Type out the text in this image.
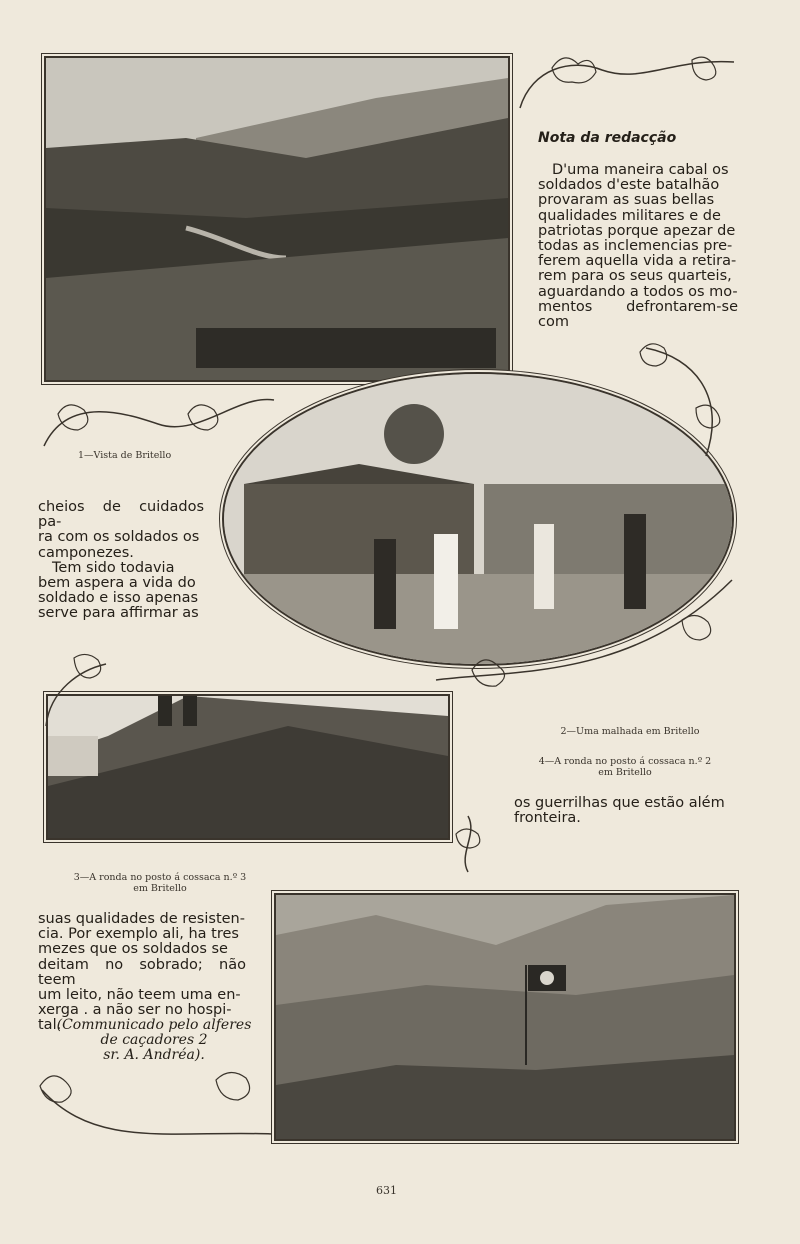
1—Vista de Britello
2—Uma malhada em Britello
4—A ronda no posto á cossaca n.º 2
em Britello
3—A ronda no posto á cossaca n.º 3
em Britello
Nota da redacção

D'uma maneira cabal os

soldados d'este batalhão

provaram as suas bellas

qualidades militares e de

patriotas porque apezar de

todas as inclemencias pre-

ferem aquella vida a retira-

rem para os seus quarteis,

aguardando a todos os mo-

mentos defrontarem-se com

cheios de cuidados pa-

ra com os soldados os

camponezes.

Tem sido todavia

bem aspera a vida do

soldado e isso apenas

serve para affirmar as

os guerrilhas que estão além

fronteira.

suas qualidades de resisten-

cia. Por exemplo ali, ha tres

mezes que os soldados se

deitam no sobrado; não teem

um leito, não teem uma en-

xerga . a não ser no hospi-

tal.

(Communicado pelo alferes

de caçadores 2

sr. A. Andréa).

631
